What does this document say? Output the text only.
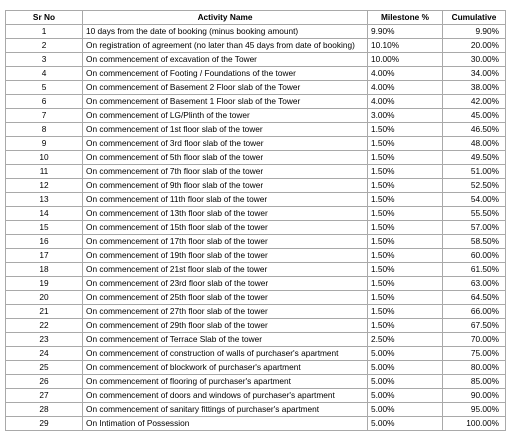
Sr No	Activity Name	Milestone %	Cumulative
1	10 days from the date of booking (minus booking amount)	9.90%	9.90%
2	On registration of agreement (no later than 45 days from date of booking)	10.10%	20.00%
3	On commencement of excavation of the Tower	10.00%	30.00%
4	On commencement of Footing / Foundations of the tower	4.00%	34.00%
5	On commencement of Basement 2 Floor slab of the Tower	4.00%	38.00%
6	On commencement of Basement 1 Floor slab of the Tower	4.00%	42.00%
7	On commencement of LG/Plinth of the tower	3.00%	45.00%
8	On commencement of 1st floor slab of the tower	1.50%	46.50%
9	On commencement of 3rd floor slab of the tower	1.50%	48.00%
10	On commencement of 5th floor slab of the tower	1.50%	49.50%
11	On commencement of 7th floor slab of the tower	1.50%	51.00%
12	On commencement of 9th floor slab of the tower	1.50%	52.50%
13	On commencement of 11th floor slab of the tower	1.50%	54.00%
14	On commencement of 13th floor slab of the tower	1.50%	55.50%
15	On commencement of 15th floor slab of the tower	1.50%	57.00%
16	On commencement of 17th floor slab of the tower	1.50%	58.50%
17	On commencement of 19th floor slab of the tower	1.50%	60.00%
18	On commencement of 21st floor slab of the tower	1.50%	61.50%
19	On commencement of 23rd floor slab of the tower	1.50%	63.00%
20	On commencement of 25th floor slab of the tower	1.50%	64.50%
21	On commencement of 27th floor slab of the tower	1.50%	66.00%
22	On commencement of 29th floor slab of the tower	1.50%	67.50%
23	On commencement of Terrace Slab of the tower	2.50%	70.00%
24	On commencement of construction of walls of purchaser's apartment	5.00%	75.00%
25	On commencement of blockwork of purchaser's apartment	5.00%	80.00%
26	On commencement of flooring of purchaser's apartment	5.00%	85.00%
27	On commencement of doors and windows of purchaser's apartment	5.00%	90.00%
28	On commencement of sanitary fittings of purchaser's apartment	5.00%	95.00%
29	On Intimation of Possession	5.00%	100.00%
